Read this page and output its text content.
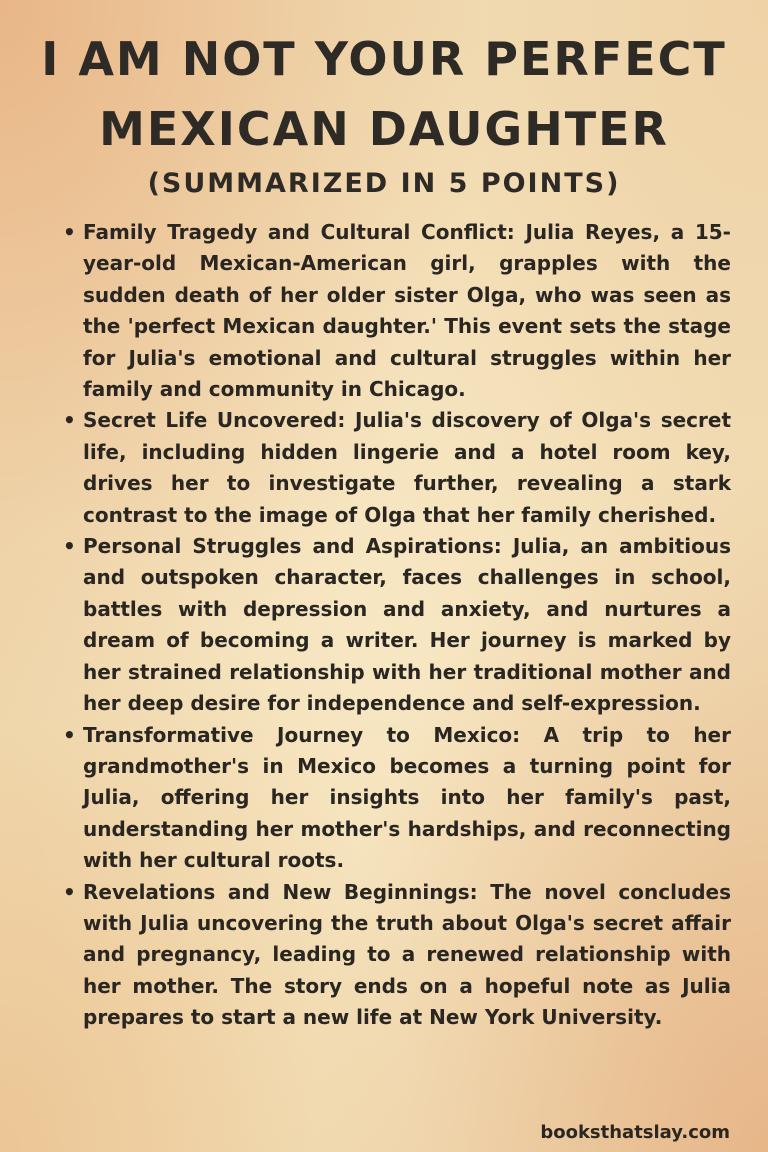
I AM NOT YOUR PERFECT
MEXICAN DAUGHTER
(SUMMARIZED IN 5 POINTS)
• Family Tragedy and Cultural Conflict: Julia Reyes, a 15-year-old Mexican-American girl, grapples with the sudden death of her older sister Olga, who was seen as the 'perfect Mexican daughter.' This event sets the stage for Julia's emotional and cultural struggles within her family and community in Chicago.
• Secret Life Uncovered: Julia's discovery of Olga's secret life, including hidden lingerie and a hotel room key, drives her to investigate further, revealing a stark contrast to the image of Olga that her family cherished.
• Personal Struggles and Aspirations: Julia, an ambitious and outspoken character, faces challenges in school, battles with depression and anxiety, and nurtures a dream of becoming a writer. Her journey is marked by her strained relationship with her traditional mother and her deep desire for independence and self-expression.
• Transformative Journey to Mexico: A trip to her grandmother's in Mexico becomes a turning point for Julia, offering her insights into her family's past, understanding her mother's hardships, and reconnecting with her cultural roots.
• Revelations and New Beginnings: The novel concludes with Julia uncovering the truth about Olga's secret affair and pregnancy, leading to a renewed relationship with her mother. The story ends on a hopeful note as Julia prepares to start a new life at New York University.
booksthatslay.com
